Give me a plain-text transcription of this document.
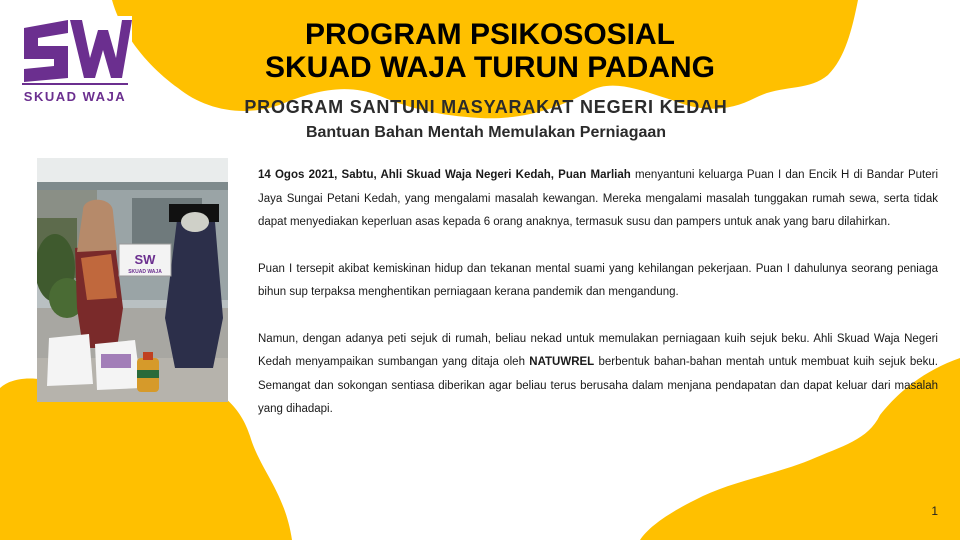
SKUAD WAJA
PROGRAM PSIKOSOSIAL
SKUAD WAJA TURUN PADANG
PROGRAM SANTUNI MASYARAKAT NEGERI KEDAH
Bantuan Bahan Mentah Memulakan Perniagaan
SW
SKUAD WAJA

14 Ogos 2021, Sabtu, Ahli Skuad Waja Negeri Kedah, Puan Marliah menyantuni keluarga Puan I dan Encik H di Bandar Puteri Jaya Sungai Petani Kedah, yang mengalami masalah kewangan. Mereka mengalami masalah tunggakan rumah sewa, serta tidak dapat menyediakan keperluan asas kepada 6 orang anaknya, termasuk susu dan pampers untuk anak yang baru dilahirkan.

Puan I tersepit akibat kemiskinan hidup dan tekanan mental suami yang kehilangan pekerjaan. Puan I dahulunya seorang peniaga bihun sup terpaksa menghentikan perniagaan kerana pandemik dan mengandung.

Namun, dengan adanya peti sejuk di rumah, beliau nekad untuk memulakan perniagaan kuih sejuk beku. Ahli Skuad Waja Negeri Kedah menyampaikan sumbangan yang ditaja oleh NATUWREL berbentuk bahan-bahan mentah untuk membuat kuih sejuk beku. Semangat dan sokongan sentiasa diberikan agar beliau terus berusaha dalam menjana pendapatan dan dapat keluar dari masalah yang dihadapi.

1
